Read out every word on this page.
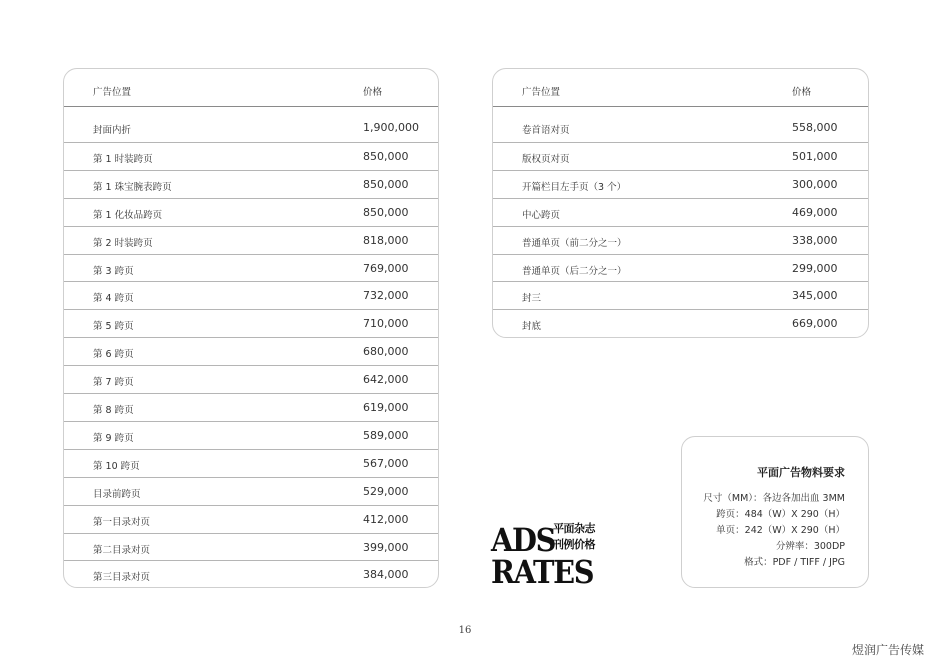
广告位置	价格
封面内折	1,900,000
第 1 时装跨页	850,000
第 1 珠宝腕表跨页	850,000
第 1 化妆品跨页	850,000
第 2 时装跨页	818,000
第 3 跨页	769,000
第 4 跨页	732,000
第 5 跨页	710,000
第 6 跨页	680,000
第 7 跨页	642,000
第 8 跨页	619,000
第 9 跨页	589,000
第 10 跨页	567,000
目录前跨页	529,000
第一目录对页	412,000
第二目录对页	399,000
第三目录对页	384,000
广告位置	价格
卷首语对页	558,000
版权页对页	501,000
开篇栏目左手页（3 个）	300,000
中心跨页	469,000
普通单页（前二分之一）	338,000
普通单页（后二分之一）	299,000
封三	345,000
封底	669,000
ADS
平面杂志
刊例价格
RATES
平面广告物料要求
尺寸（MM）：各边各加出血 3MM
跨页：484（W）X 290（H）
单页：242（W）X 290（H）
分辨率：300DP
格式：PDF / TIFF / JPG
16
煜润广告传媒
